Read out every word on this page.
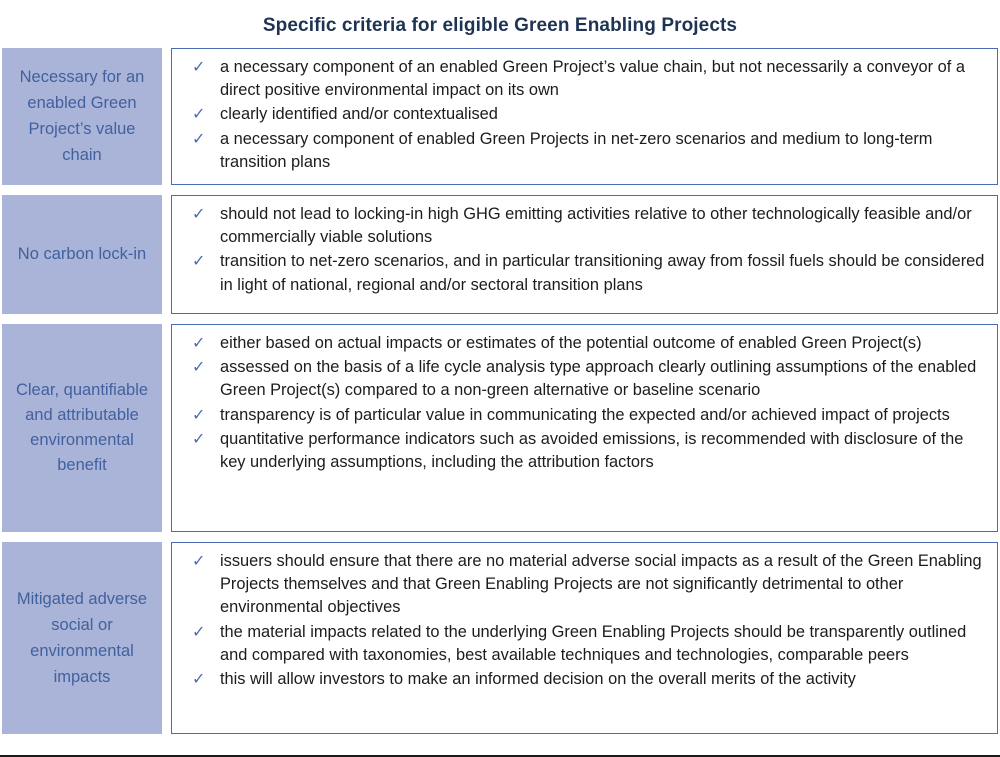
Specific criteria for eligible Green Enabling Projects
Necessary for an enabled Green Project’s value chain

✓ a necessary component of an enabled Green Project’s value chain, but not necessarily a conveyor of a direct positive environmental impact on its own
✓ clearly identified and/or contextualised
✓ a necessary component of enabled Green Projects in net-zero scenarios and medium to long-term transition plans

No carbon lock-in

✓ should not lead to locking-in high GHG emitting activities relative to other technologically feasible and/or commercially viable solutions
✓ transition to net-zero scenarios, and in particular transitioning away from fossil fuels should be considered in light of national, regional and/or sectoral transition plans

Clear, quantifiable and attributable environmental benefit

✓ either based on actual impacts or estimates of the potential outcome of enabled Green Project(s)
✓ assessed on the basis of a life cycle analysis type approach clearly outlining assumptions of the enabled Green Project(s) compared to a non-green alternative or baseline scenario
✓ transparency is of particular value in communicating the expected and/or achieved impact of projects
✓ quantitative performance indicators such as avoided emissions, is recommended with disclosure of the key underlying assumptions, including the attribution factors

Mitigated adverse social or environmental impacts

✓ issuers should ensure that there are no material adverse social impacts as a result of the Green Enabling Projects themselves and that Green Enabling Projects are not significantly detrimental to other environmental objectives
✓ the material impacts related to the underlying Green Enabling Projects should be transparently outlined and compared with taxonomies, best available techniques and technologies, comparable peers
✓ this will allow investors to make an informed decision on the overall merits of the activity
